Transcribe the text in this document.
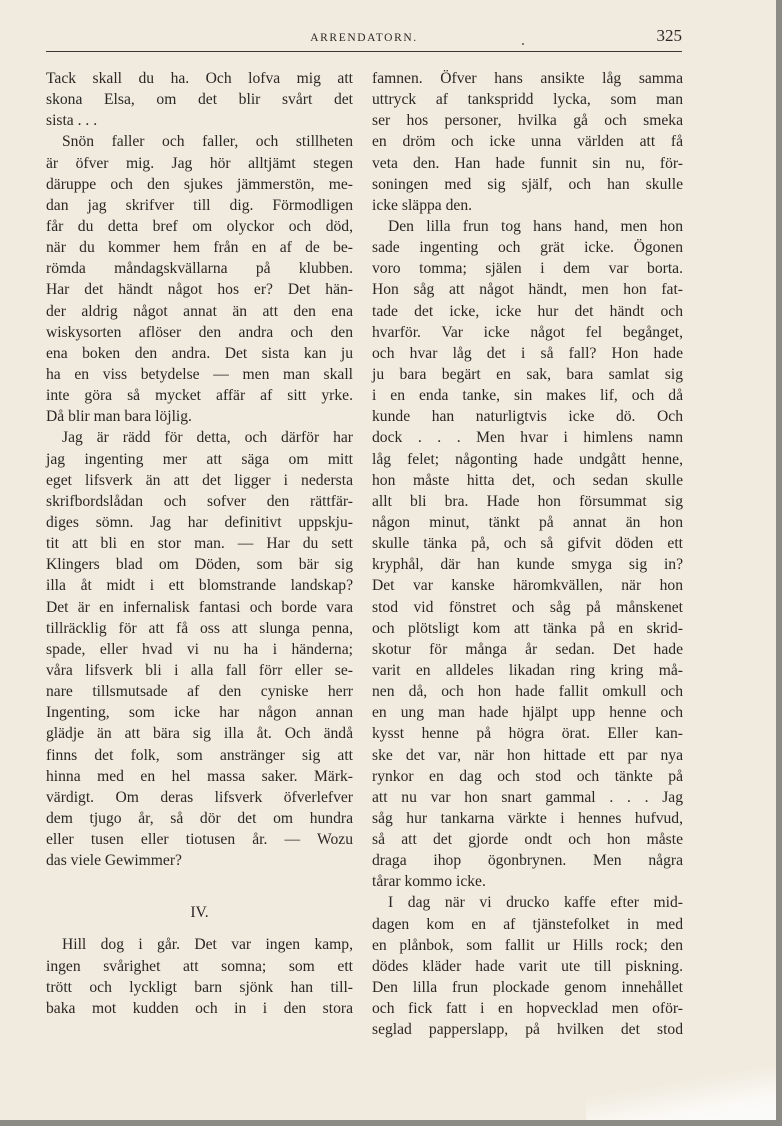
ARRENDATORN.	325
Tack skall du ha. Och lofva mig att
skona Elsa, om det blir svårt det
sista . . .
Snön faller och faller, och stillheten
är öfver mig. Jag hör alltjämt stegen
däruppe och den sjukes jämmerstön, me-
dan jag skrifver till dig. Förmodligen
får du detta bref om olyckor och död,
när du kommer hem från en af de be-
römda måndagskvällarna på klubben.
Har det händt något hos er? Det hän-
der aldrig något annat än att den ena
wiskysorten aflöser den andra och den
ena boken den andra. Det sista kan ju
ha en viss betydelse — men man skall
inte göra så mycket affär af sitt yrke.
Då blir man bara löjlig.
Jag är rädd för detta, och därför har
jag ingenting mer att säga om mitt
eget lifsverk än att det ligger i nedersta
skrifbordslådan och sofver den rättfär-
diges sömn. Jag har definitivt uppskju-
tit att bli en stor man. — Har du sett
Klingers blad om Döden, som bär sig
illa åt midt i ett blomstrande landskap?
Det är en infernalisk fantasi och borde vara
tillräcklig för att få oss att slunga penna,
spade, eller hvad vi nu ha i händerna;
våra lifsverk bli i alla fall förr eller se-
nare tillsmutsade af den cyniske herr
Ingenting, som icke har någon annan
glädje än att bära sig illa åt. Och ändå
finns det folk, som anstränger sig att
hinna med en hel massa saker. Märk-
värdigt. Om deras lifsverk öfverlefver
dem tjugo år, så dör det om hundra
eller tusen eller tiotusen år. — Wozu
das viele Gewimmer?
IV.
Hill dog i går. Det var ingen kamp,
ingen svårighet att somna; som ett
trött och lyckligt barn sjönk han till-
baka mot kudden och in i den stora
famnen. Öfver hans ansikte låg samma
uttryck af tankspridd lycka, som man
ser hos personer, hvilka gå och smeka
en dröm och icke unna världen att få
veta den. Han hade funnit sin nu, för-
soningen med sig själf, och han skulle
icke släppa den.
Den lilla frun tog hans hand, men hon
sade ingenting och grät icke. Ögonen
voro tomma; själen i dem var borta.
Hon såg att något händt, men hon fat-
tade det icke, icke hur det händt och
hvarför. Var icke något fel begånget,
och hvar låg det i så fall? Hon hade
ju bara begärt en sak, bara samlat sig
i en enda tanke, sin makes lif, och då
kunde han naturligtvis icke dö. Och
dock . . . Men hvar i himlens namn
låg felet; någonting hade undgått henne,
hon måste hitta det, och sedan skulle
allt bli bra. Hade hon försummat sig
någon minut, tänkt på annat än hon
skulle tänka på, och så gifvit döden ett
kryphål, där han kunde smyga sig in?
Det var kanske häromkvällen, när hon
stod vid fönstret och såg på månskenet
och plötsligt kom att tänka på en skrid-
skotur för många år sedan. Det hade
varit en alldeles likadan ring kring må-
nen då, och hon hade fallit omkull och
en ung man hade hjälpt upp henne och
kysst henne på högra örat. Eller kan-
ske det var, när hon hittade ett par nya
rynkor en dag och stod och tänkte på
att nu var hon snart gammal . . . Jag
såg hur tankarna värkte i hennes hufvud,
så att det gjorde ondt och hon måste
draga ihop ögonbrynen. Men några
tårar kommo icke.
I dag när vi drucko kaffe efter mid-
dagen kom en af tjänstefolket in med
en plånbok, som fallit ur Hills rock; den
dödes kläder hade varit ute till piskning.
Den lilla frun plockade genom innehållet
och fick fatt i en hopvecklad men oför-
seglad papperslapp, på hvilken det stod
